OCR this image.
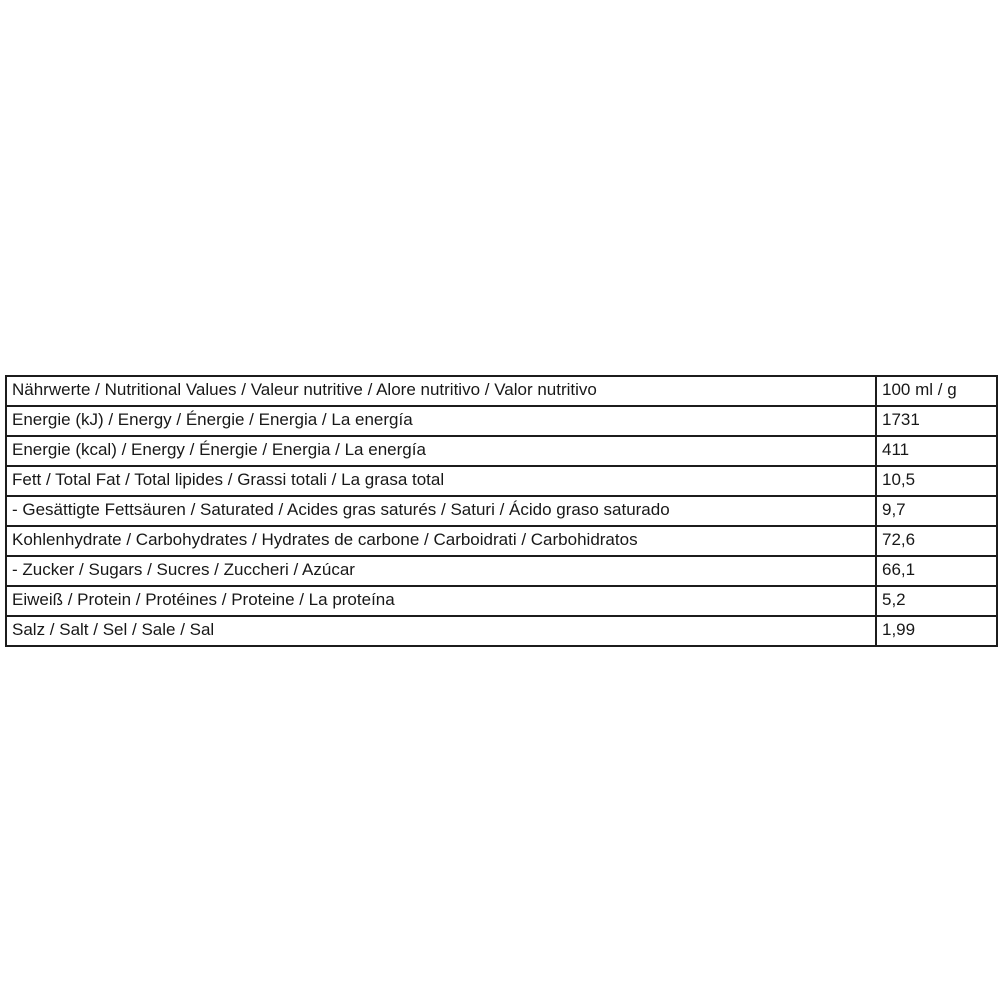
Nährwerte / Nutritional Values / Valeur nutritive / Alore nutritivo / Valor nutritivo	100 ml / g
Energie (kJ) / Energy / Énergie / Energia / La energía	1731
Energie (kcal) / Energy / Énergie / Energia / La energía	411
Fett / Total Fat / Total lipides / Grassi totali / La grasa total	10,5
- Gesättigte Fettsäuren / Saturated / Acides gras saturés / Saturi / Ácido graso saturado	9,7
Kohlenhydrate / Carbohydrates / Hydrates de carbone / Carboidrati / Carbohidratos	72,6
- Zucker / Sugars / Sucres / Zuccheri / Azúcar	66,1
Eiweiß / Protein / Protéines / Proteine / La proteína	5,2
Salz / Salt / Sel / Sale / Sal	1,99
